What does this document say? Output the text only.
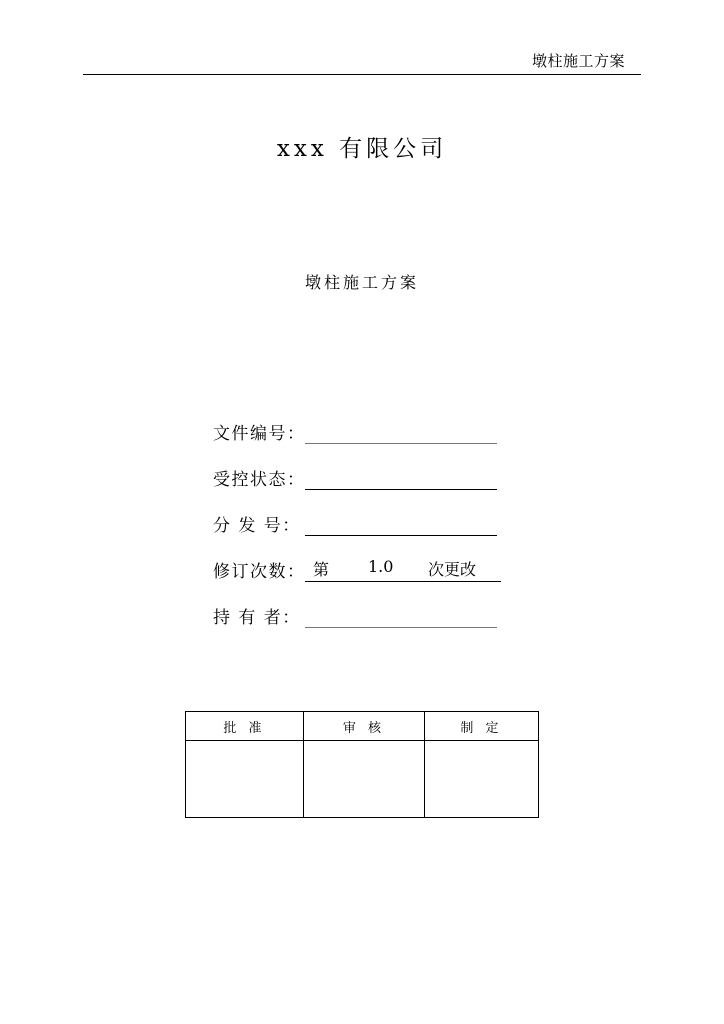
墩柱施工方案
xxx 有限公司
墩柱施工方案
文件编号：
受控状态：
分 发 号：
修订次数： 第 1.0 次更改
持 有 者：
批 准	审 核	制 定
